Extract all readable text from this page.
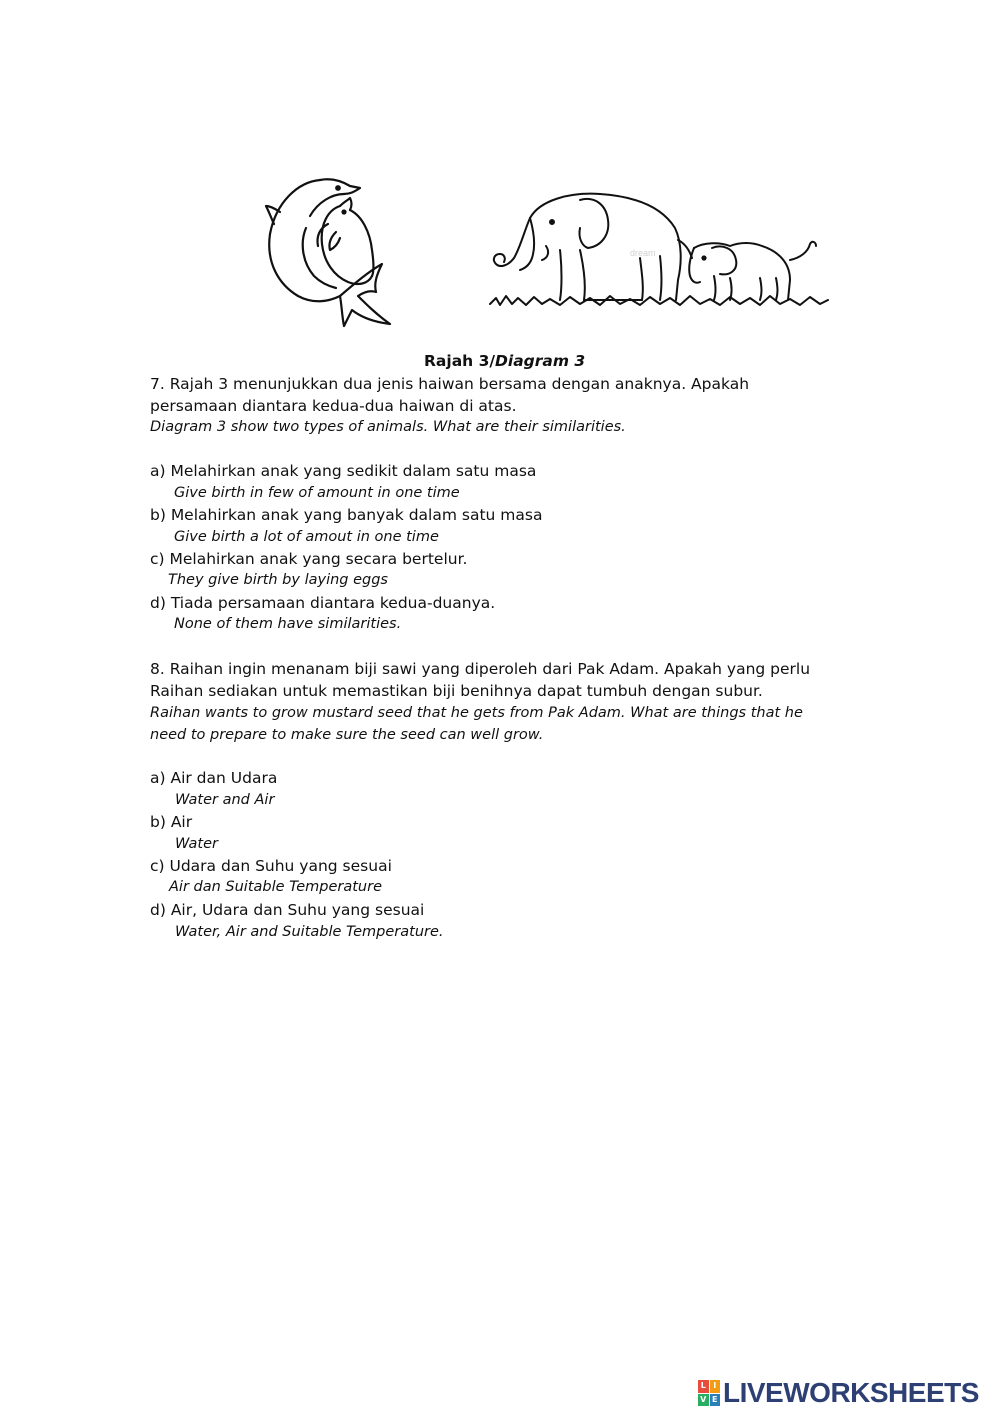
dream
Rajah 3/Diagram 3
7. Rajah 3 menunjukkan dua jenis haiwan bersama dengan anaknya. Apakah
persamaan diantara kedua-dua haiwan di atas.
Diagram 3 show two types of animals. What are their similarities.
a) Melahirkan anak yang sedikit dalam satu masa
Give birth in few of amount in one time
b) Melahirkan anak yang banyak dalam satu masa
Give birth a lot of amout in one time
c) Melahirkan anak yang secara bertelur.
They give birth by laying eggs
d) Tiada persamaan diantara kedua-duanya.
None of them have similarities.
8. Raihan ingin menanam biji sawi yang diperoleh dari Pak Adam. Apakah yang perlu
Raihan sediakan untuk memastikan biji benihnya dapat tumbuh dengan subur.
Raihan wants to grow mustard seed that he gets from Pak Adam. What are things that he
need to prepare to make sure the seed can well grow.
a) Air dan Udara
Water and Air
b) Air
Water
c) Udara dan Suhu yang sesuai
Air dan Suitable Temperature
d) Air, Udara dan Suhu yang sesuai
Water, Air and Suitable Temperature.
L I
V E LIVEWORKSHEETS
